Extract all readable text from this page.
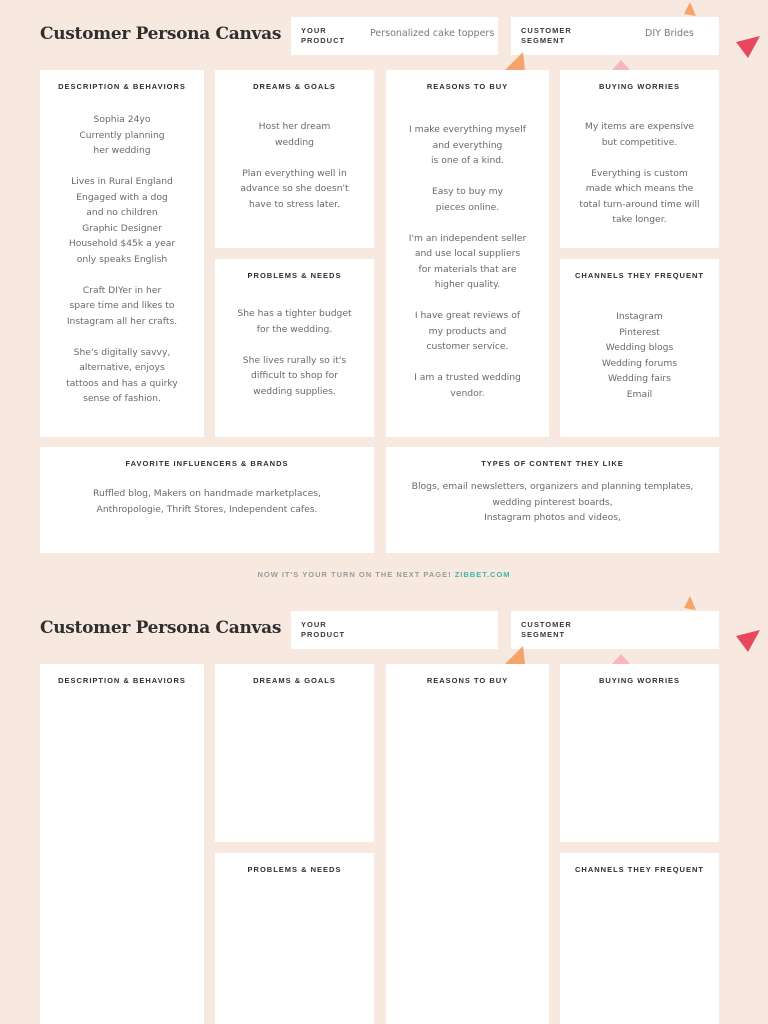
Customer Persona Canvas	YOUR
PRODUCT
Personalized cake toppers	CUSTOMER
SEGMENT
DIY Brides
DESCRIPTION & BEHAVIORS
Sophia 24yo
Currently planning
her wedding

Lives in Rural England
Engaged with a dog
and no children
Graphic Designer
Household $45k a year
only speaks English

Craft DIYer in her
spare time and likes to
Instagram all her crafts.

She's digitally savvy,
alternative, enjoys
tattoos and has a quirky
sense of fashion.
DREAMS & GOALS
Host her dream
wedding

Plan everything well in
advance so she doesn't
have to stress later.
PROBLEMS & NEEDS
She has a tighter budget
for the wedding.

She lives rurally so it's
difficult to shop for
wedding supplies.
REASONS TO BUY
I make everything myself
and everything
is one of a kind.

Easy to buy my
pieces online.

I'm an independent seller
and use local suppliers
for materials that are
higher quality.

I have great reviews of
my products and
customer service.

I am a trusted wedding
vendor.
BUYING WORRIES
My items are expensive
but competitive.

Everything is custom
made which means the
total turn-around time will
take longer.
CHANNELS THEY FREQUENT
Instagram
Pinterest
Wedding blogs
Wedding forums
Wedding fairs
Email
FAVORITE INFLUENCERS & BRANDS
Ruffled blog, Makers on handmade marketplaces,
Anthropologie, Thrift Stores, Independent cafes.
TYPES OF CONTENT THEY LIKE
Blogs, email newsletters, organizers and planning templates,
wedding pinterest boards,
Instagram photos and videos,
NOW IT'S YOUR TURN ON THE NEXT PAGE! ZIBBET.COM
Customer Persona Canvas	YOUR
PRODUCT
CUSTOMER
SEGMENT
DESCRIPTION & BEHAVIORS	DREAMS & GOALS
PROBLEMS & NEEDS
REASONS TO BUY	BUYING WORRIES
CHANNELS THEY FREQUENT
